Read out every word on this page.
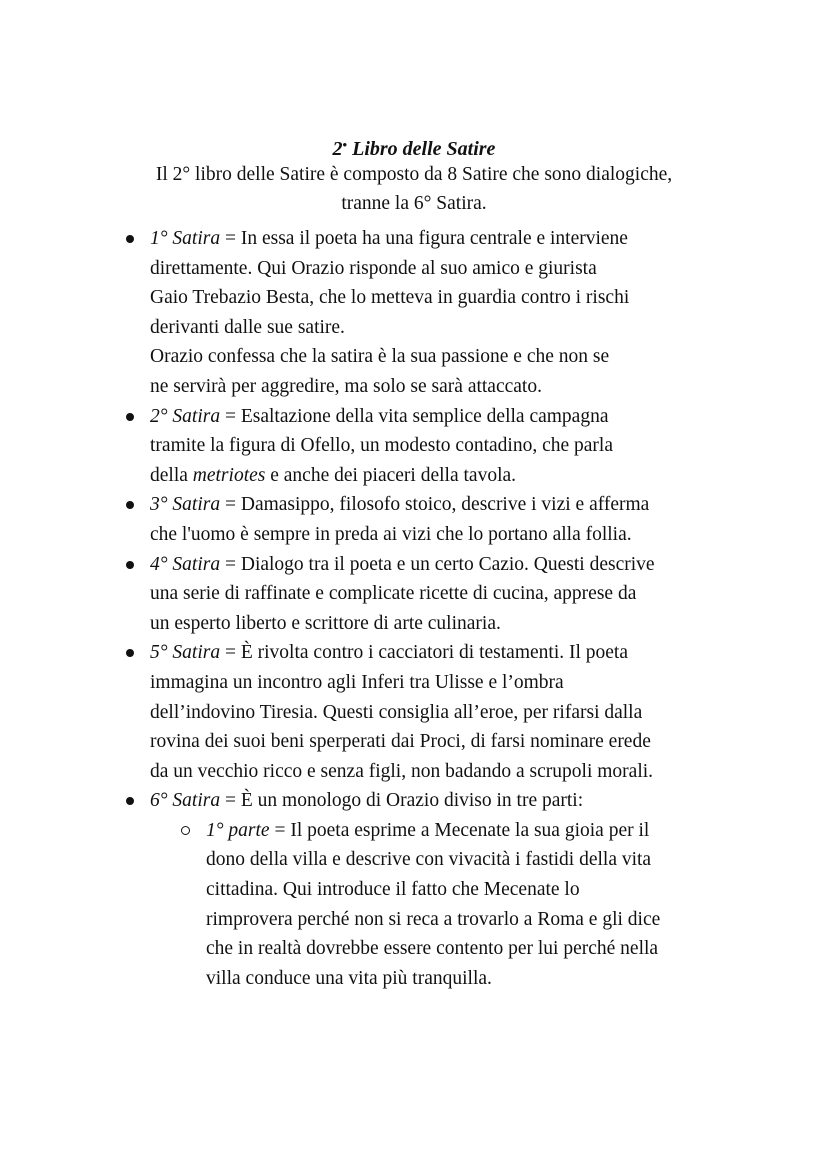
2• Libro delle Satire
Il 2° libro delle Satire è composto da 8 Satire che sono dialogiche, tranne la 6° Satira.
1° Satira = In essa il poeta ha una figura centrale e interviene
direttamente. Qui Orazio risponde al suo amico e giurista
Gaio Trebazio Besta, che lo metteva in guardia contro i rischi
derivanti dalle sue satire.
Orazio confessa che la satira è la sua passione e che non se
ne servirà per aggredire, ma solo se sarà attaccato.
2° Satira = Esaltazione della vita semplice della campagna
tramite la figura di Ofello, un modesto contadino, che parla
della metriotes e anche dei piaceri della tavola.
3° Satira = Damasippo, filosofo stoico, descrive i vizi e afferma
che l'uomo è sempre in preda ai vizi che lo portano alla follia.
4° Satira = Dialogo tra il poeta e un certo Cazio. Questi descrive
una serie di raffinate e complicate ricette di cucina, apprese da
un esperto liberto e scrittore di arte culinaria.
5° Satira = È rivolta contro i cacciatori di testamenti. Il poeta
immagina un incontro agli Inferi tra Ulisse e l’ombra
dell’indovino Tiresia. Questi consiglia all’eroe, per rifarsi dalla
rovina dei suoi beni sperperati dai Proci, di farsi nominare erede
da un vecchio ricco e senza figli, non badando a scrupoli morali.
6° Satira = È un monologo di Orazio diviso in tre parti:
1° parte = Il poeta esprime a Mecenate la sua gioia per il
dono della villa e descrive con vivacità i fastidi della vita
cittadina. Qui introduce il fatto che Mecenate lo
rimprovera perché non si reca a trovarlo a Roma e gli dice
che in realtà dovrebbe essere contento per lui perché nella
villa conduce una vita più tranquilla.
